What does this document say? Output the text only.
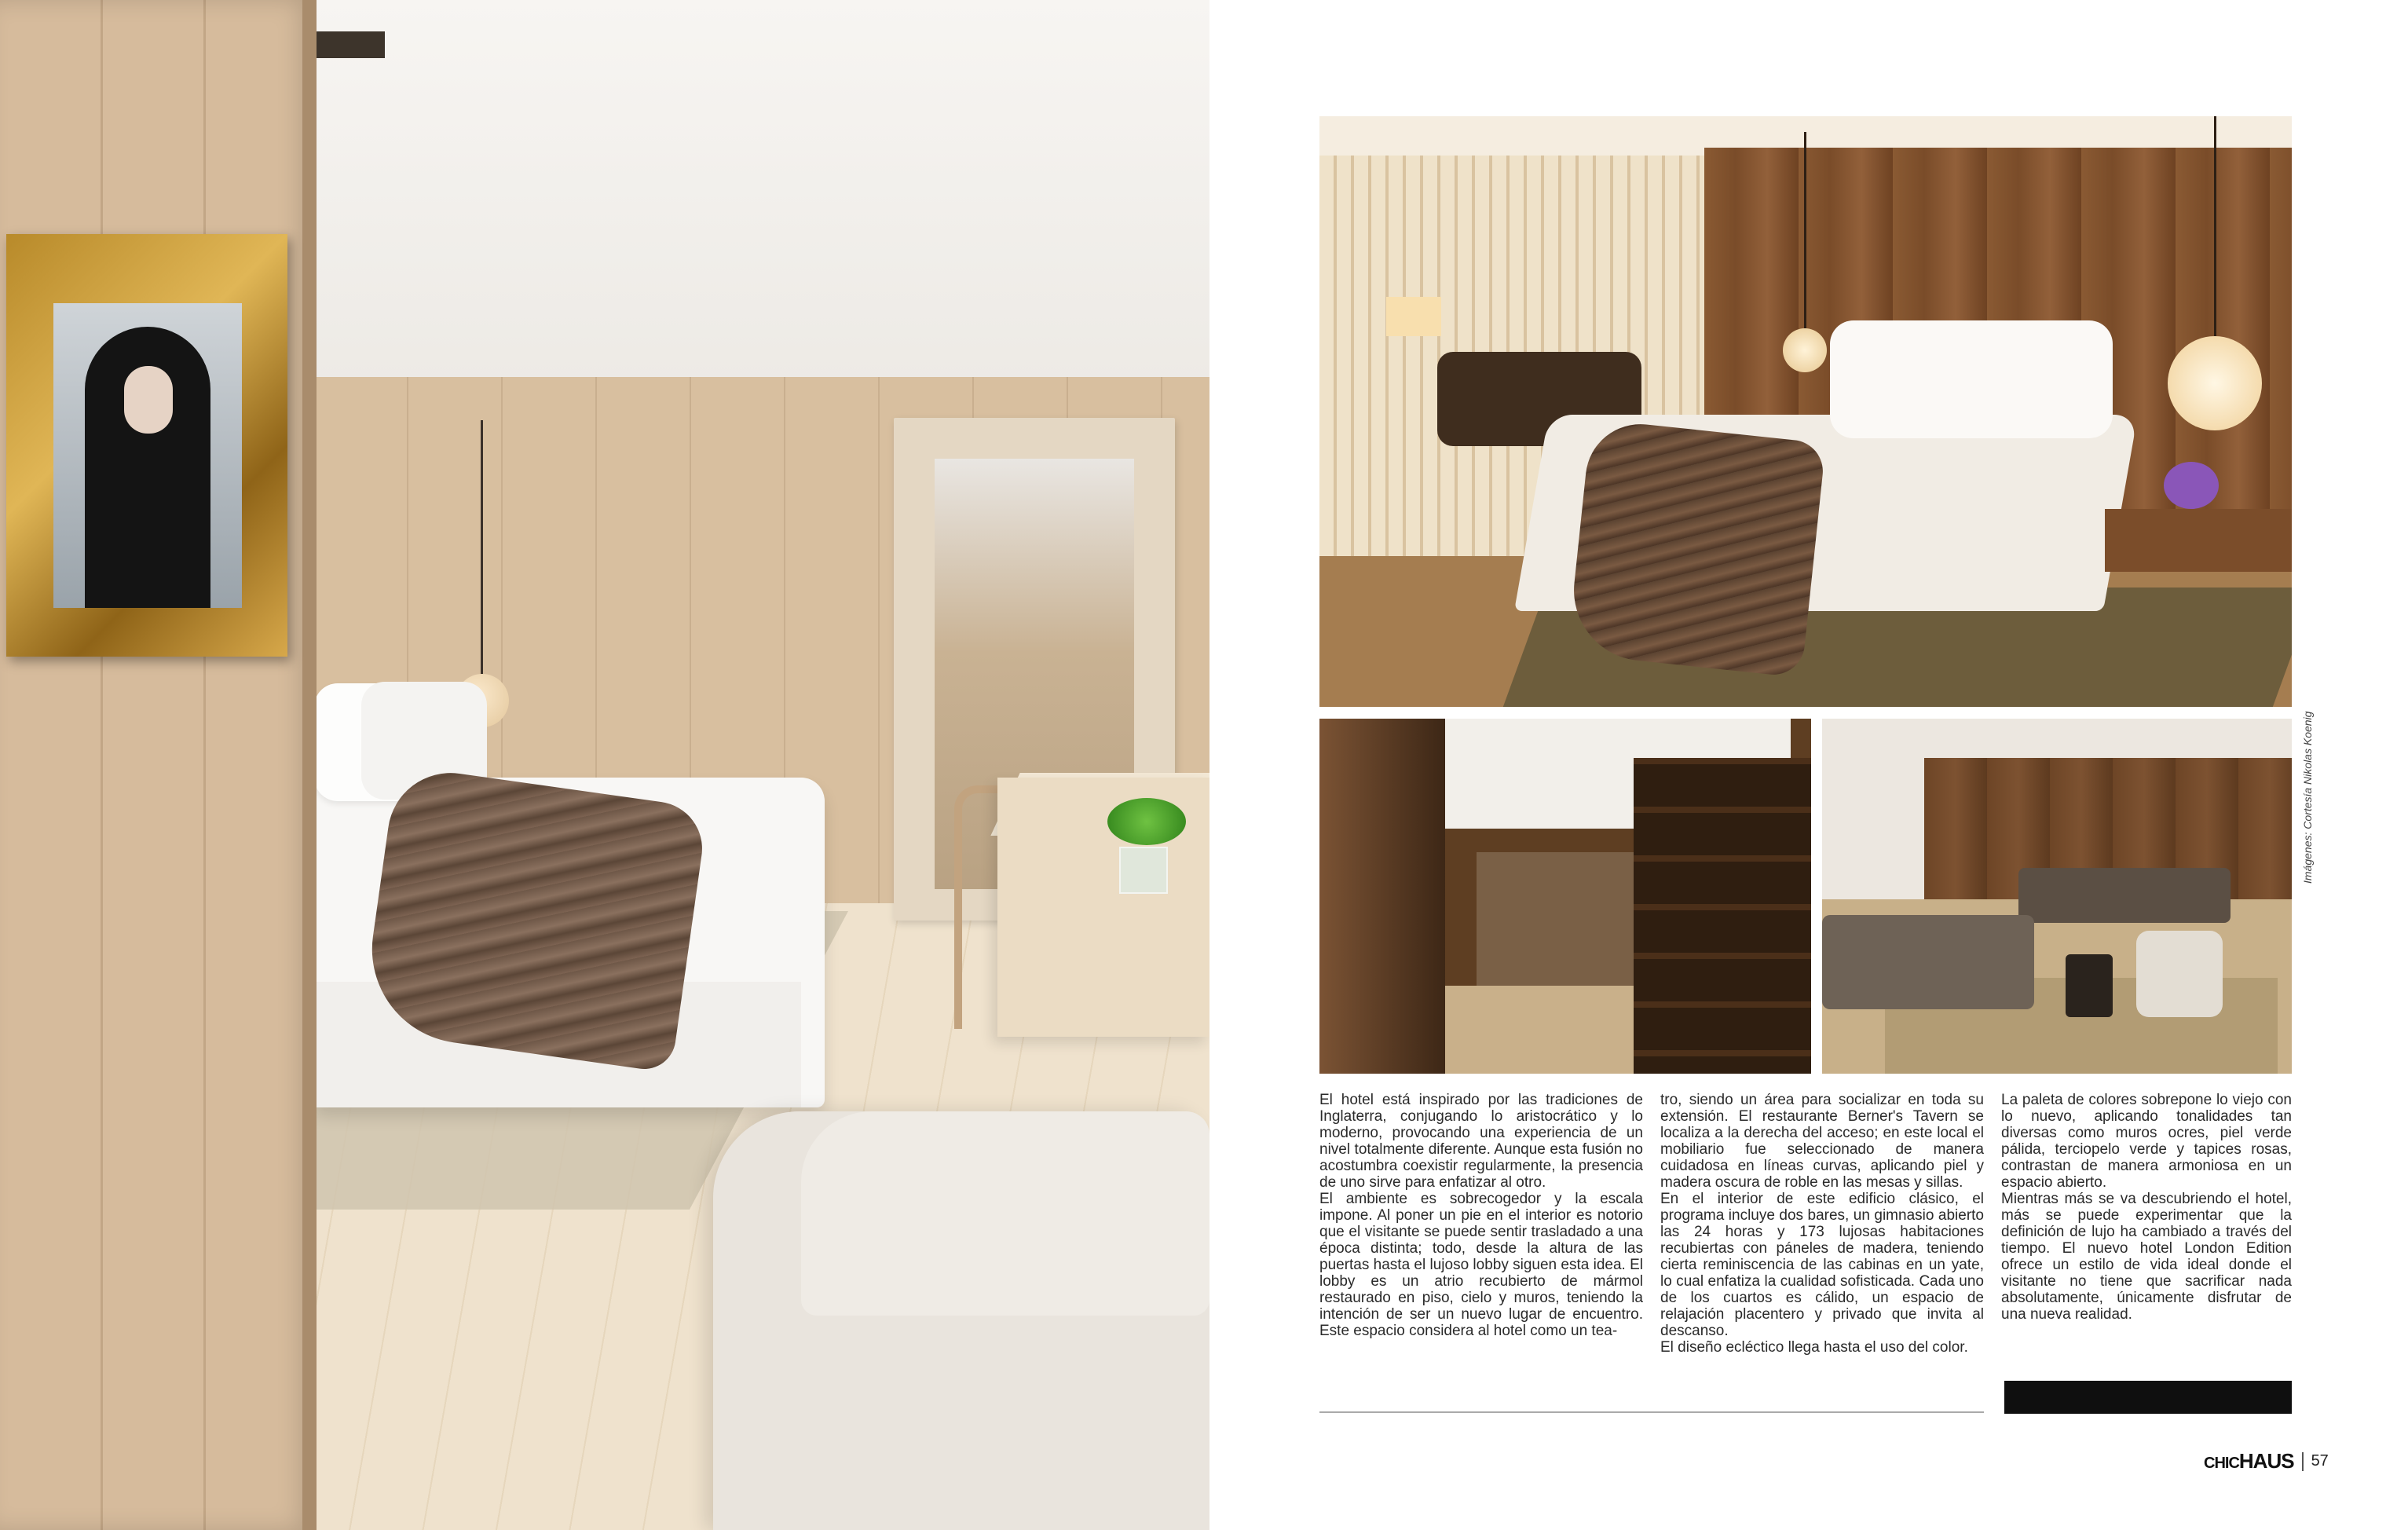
Imágenes: Cortesía Nikolas Koenig

El hotel está inspirado por las tradiciones de Inglaterra, conjugando lo aristocrático y lo moderno, provocando una experiencia de un nivel totalmente diferente. Aunque esta fusión no acostumbra coexistir regularmente, la presencia de uno sirve para enfatizar al otro.

El ambiente es sobrecogedor y la escala impone. Al poner un pie en el interior es notorio que el visitante se puede sentir trasladado a una época distinta; todo, desde la altura de las puertas hasta el lujoso lobby siguen esta idea. El lobby es un atrio recubierto de mármol restaurado en piso, cielo y muros, teniendo la intención de ser un nuevo lugar de encuentro. Este espacio considera al hotel como un tea-

tro, siendo un área para socializar en toda su extensión. El restaurante Berner's Tavern se localiza a la derecha del acceso; en este local el mobiliario fue seleccionado de manera cuidadosa en líneas curvas, aplicando piel y madera oscura de roble en las mesas y sillas.

En el interior de este edificio clásico, el programa incluye dos bares, un gimnasio abierto las 24 horas y 173 lujosas habitaciones recubiertas con páneles de madera, teniendo cierta reminiscencia de las cabinas en un yate, lo cual enfatiza la cualidad sofisticada. Cada uno de los cuartos es cálido, un espacio de relajación placentero y privado que invita al descanso.

El diseño ecléctico llega hasta el uso del color.

La paleta de colores sobrepone lo viejo con lo nuevo, aplicando tonalidades tan diversas como muros ocres, piel verde pálida, terciopelo verde y tapices rosas, contrastan de manera armoniosa en un espacio abierto.

Mientras más se va descubriendo el hotel, más se puede experimentar que la definición de lujo ha cambiado a través del tiempo. El nuevo hotel London Edition ofrece un estilo de vida ideal donde el visitante no tiene que sacrificar nada absolutamente, únicamente disfrutar de una nueva realidad.

CHICHAUS 57
